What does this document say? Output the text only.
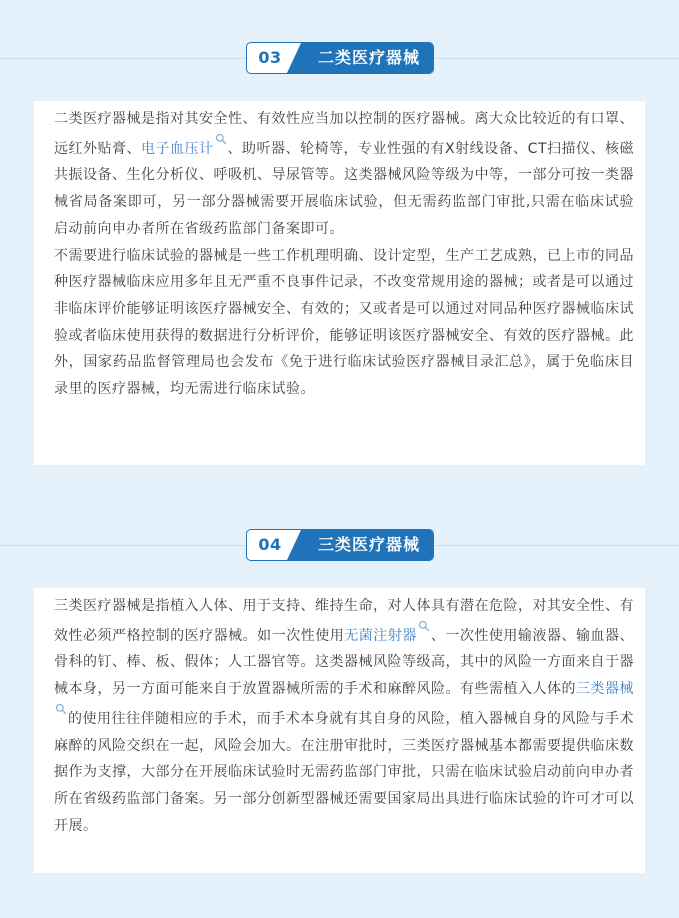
03	二类医疗器械

二类医疗器械是指对其安全性、有效性应当加以控制的医疗器械。离大众比较近的有口罩、远红外贴膏、电子血压计 、助听器、轮椅等，专业性强的有X射线设备、CT扫描仪、核磁共振设备、生化分析仪、呼吸机、导尿管等。这类器械风险等级为中等，一部分可按一类器械省局备案即可，另一部分器械需要开展临床试验，但无需药监部门审批,只需在临床试验启动前向申办者所在省级药监部门备案即可。

不需要进行临床试验的器械是一些工作机理明确、设计定型，生产工艺成熟，已上市的同品种医疗器械临床应用多年且无严重不良事件记录，不改变常规用途的器械；或者是可以通过非临床评价能够证明该医疗器械安全、有效的；又或者是可以通过对同品种医疗器械临床试验或者临床使用获得的数据进行分析评价，能够证明该医疗器械安全、有效的医疗器械。此外，国家药品监督管理局也会发布《免于进行临床试验医疗器械目录汇总》，属于免临床目录里的医疗器械，均无需进行临床试验。

04	三类医疗器械

三类医疗器械是指植入人体、用于支持、维持生命，对人体具有潜在危险，对其安全性、有效性必须严格控制的医疗器械。如一次性使用无菌注射器 、一次性使用输液器、输血器、骨科的钉、棒、板、假体；人工器官等。这类器械风险等级高，其中的风险一方面来自于器械本身，另一方面可能来自于放置器械所需的手术和麻醉风险。有些需植入人体的三类器械的使用往往伴随相应的手术，而手术本身就有其自身的风险，植入器械自身的风险与手术麻醉的风险交织在一起，风险会加大。在注册审批时，三类医疗器械基本都需要提供临床数据作为支撑，大部分在开展临床试验时无需药监部门审批，只需在临床试验启动前向申办者所在省级药监部门备案。另一部分创新型器械还需要国家局出具进行临床试验的许可才可以开展。
